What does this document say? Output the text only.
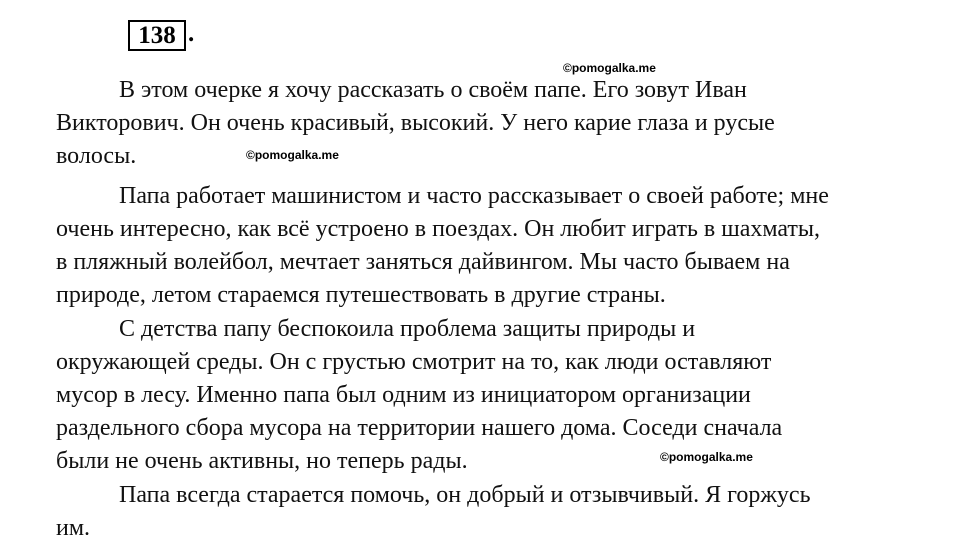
138 .
©pomogalka.me
©pomogalka.me
©pomogalka.me
В этом очерке я хочу рассказать о своём папе. Его зовут Иван
Викторович. Он очень красивый, высокий. У него карие глаза и русые
волосы.
Папа работает машинистом и часто рассказывает о своей работе; мне
очень интересно, как всё устроено в поездах. Он любит играть в шахматы,
в пляжный волейбол, мечтает заняться дайвингом. Мы часто бываем на
природе, летом стараемся путешествовать в другие страны.
С детства папу беспокоила проблема защиты природы и
окружающей среды. Он с грустью смотрит на то, как люди оставляют
мусор в лесу. Именно папа был одним из инициатором организации
раздельного сбора мусора на территории нашего дома. Соседи сначала
были не очень активны, но теперь рады.
Папа всегда старается помочь, он добрый и отзывчивый. Я горжусь
им.
